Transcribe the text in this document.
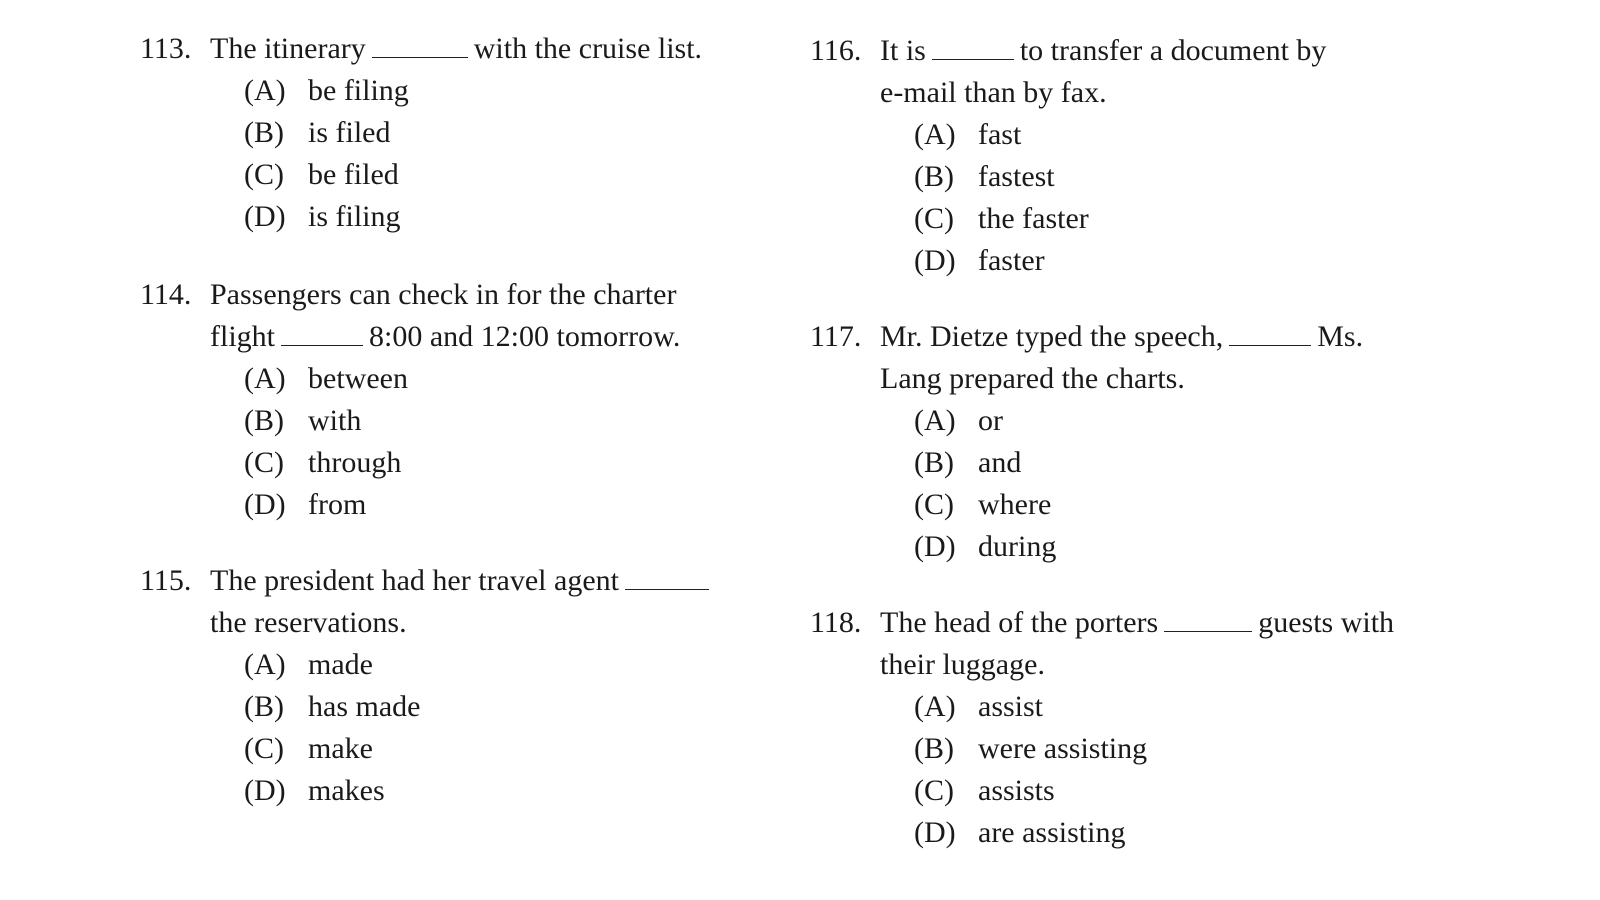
113. The itinerary	with the cruise list.
(A) be filing
(B) is filed
(C) be filed
(D) is filing
114. Passengers can check in for the charter
flight	8:00 and 12:00 tomorrow.
(A) between
(B) with
(C) through
(D) from
115. The president had her travel agent
the reservations.
(A) made
(B) has made
(C) make
(D) makes
116. It is	to transfer a document by
e-mail than by fax.
(A) fast
(B) fastest
(C) the faster
(D) faster
117. Mr. Dietze typed the speech,	Ms.
Lang prepared the charts.
(A) or
(B) and
(C) where
(D) during
118. The head of the porters	guests with
their luggage.
(A) assist
(B) were assisting
(C) assists
(D) are assisting
